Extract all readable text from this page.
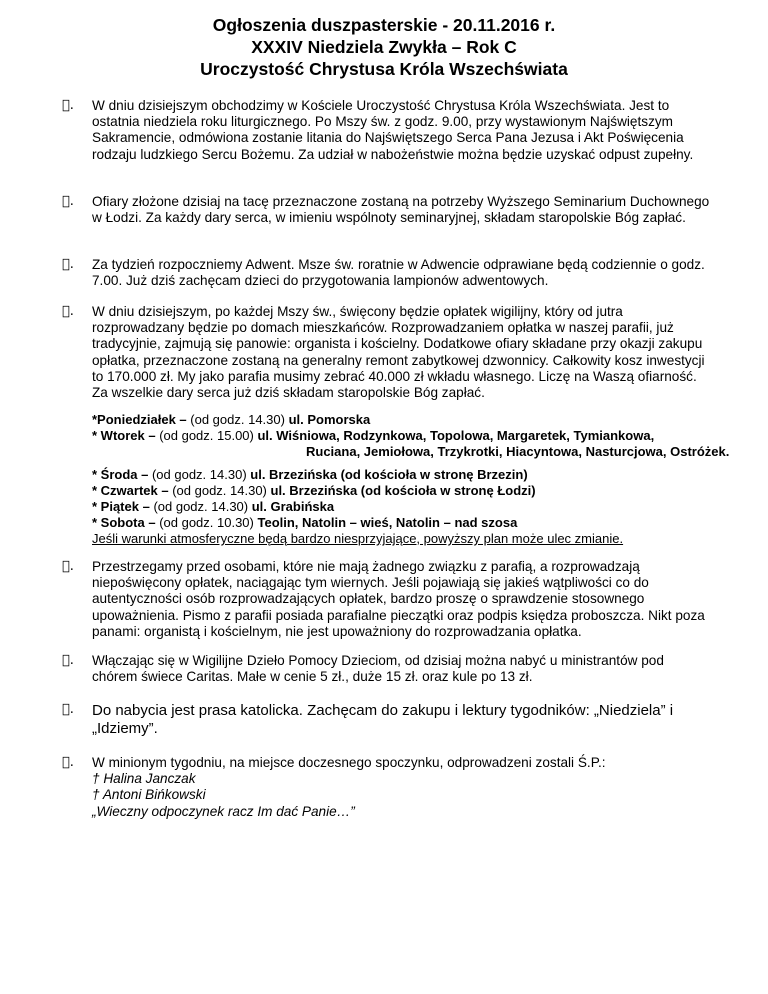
Ogłoszenia duszpasterskie - 20.11.2016 r.
XXXIV Niedziela Zwykła – Rok C
Uroczystość Chrystusa Króla Wszechświata
. W dniu dzisiejszym obchodzimy w Kościele Uroczystość Chrystusa Króla Wszechświata. Jest to ostatnia niedziela roku liturgicznego. Po Mszy św. z godz. 9.00, przy wystawionym Najświętszym Sakramencie, odmówiona zostanie litania do Najświętszego Serca Pana Jezusa i Akt Poświęcenia rodzaju ludzkiego Sercu Bożemu. Za udział w nabożeństwie można będzie uzyskać odpust zupełny.
. Ofiary złożone dzisiaj na tacę przeznaczone zostaną na potrzeby Wyższego Seminarium Duchownego w Łodzi. Za każdy dary serca, w imieniu wspólnoty seminaryjnej, składam staropolskie Bóg zapłać.
. Za tydzień rozpoczniemy Adwent. Msze św. roratnie w Adwencie odprawiane będą codziennie o godz. 7.00. Już dziś zachęcam dzieci do przygotowania lampionów adwentowych.
. W dniu dzisiejszym, po każdej Mszy św., święcony będzie opłatek wigilijny, który od jutra rozprowadzany będzie po domach mieszkańców. Rozprowadzaniem opłatka w naszej parafii, już tradycyjnie, zajmują się panowie: organista i kościelny. Dodatkowe ofiary składane przy okazji zakupu opłatka, przeznaczone zostaną na generalny remont zabytkowej dzwonnicy. Całkowity kosz inwestycji to 170.000 zł. My jako parafia musimy zebrać 40.000 zł wkładu własnego. Liczę na Waszą ofiarność. Za wszelkie dary serca już dziś składam staropolskie Bóg zapłać.
*Poniedziałek – (od godz. 14.30) ul. Pomorska
* Wtorek – (od godz. 15.00) ul. Wiśniowa, Rodzynkowa, Topolowa, Margaretek, Tymiankowa,
Ruciana, Jemiołowa, Trzykrotki, Hiacyntowa, Nasturcjowa, Ostróżek.
* Środa – (od godz. 14.30) ul. Brzezińska (od kościoła w stronę Brzezin)
* Czwartek – (od godz. 14.30) ul. Brzezińska (od kościoła w stronę Łodzi)
* Piątek – (od godz. 14.30) ul. Grabińska
* Sobota – (od godz. 10.30) Teolin, Natolin – wieś, Natolin – nad szosa
Jeśli warunki atmosferyczne będą bardzo niesprzyjające, powyższy plan może ulec zmianie.
. Przestrzegamy przed osobami, które nie mają żadnego związku z parafią, a rozprowadzają niepoświęcony opłatek, naciągając tym wiernych. Jeśli pojawiają się jakieś wątpliwości co do autentyczności osób rozprowadzających opłatek, bardzo proszę o sprawdzenie stosownego upoważnienia. Pismo z parafii posiada parafialne pieczątki oraz podpis księdza proboszcza. Nikt poza panami: organistą i kościelnym, nie jest upoważniony do rozprowadzania opłatka.
. Włączając się w Wigilijne Dzieło Pomocy Dzieciom, od dzisiaj można nabyć u ministrantów pod chórem świece Caritas. Małe w cenie 5 zł., duże 15 zł. oraz kule po 13 zł.
. Do nabycia jest prasa katolicka. Zachęcam do zakupu i lektury tygodników: „Niedziela” i „Idziemy”.
. W minionym tygodniu, na miejsce doczesnego spoczynku, odprowadzeni zostali Ś.P.:
† Halina Janczak
† Antoni Bińkowski
„Wieczny odpoczynek racz Im dać Panie…”
